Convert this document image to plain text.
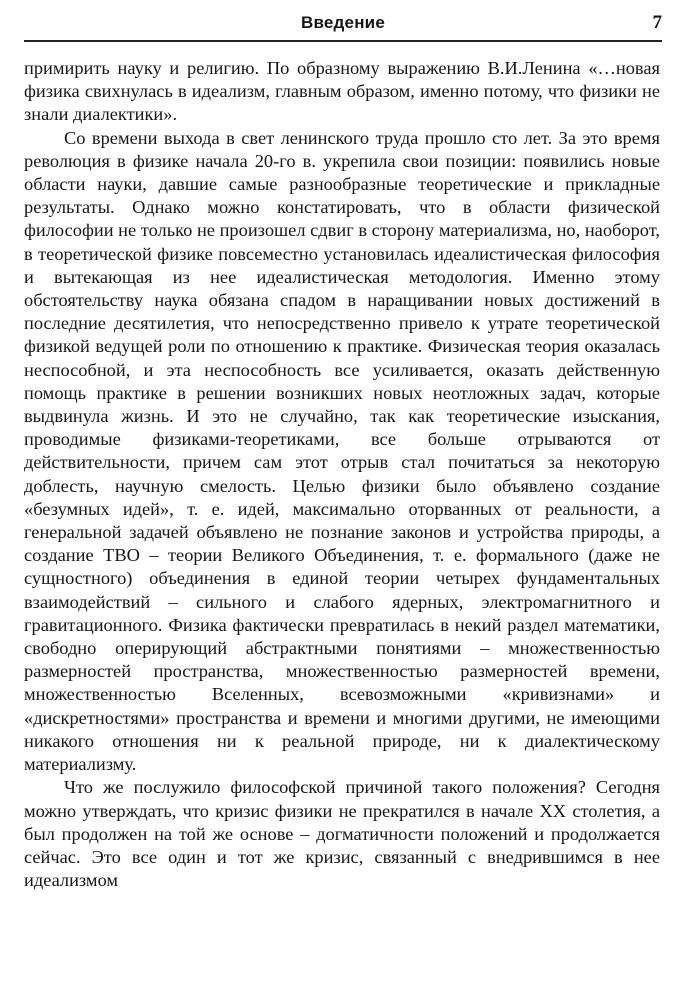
Введение	7

примирить науку и религию. По образному выражению В.И.Ленина «…новая физика свихнулась в идеализм, главным образом, именно потому, что физики не знали диалектики».

Со времени выхода в свет ленинского труда прошло сто лет. За это время революция в физике начала 20-го в. укрепила свои позиции: появились новые области науки, давшие самые разнообразные теоретические и прикладные результаты. Однако можно констатировать, что в области физической философии не только не произошел сдвиг в сторону материализма, но, наоборот, в теоретической физике повсеместно установилась идеалистическая философия и вытекающая из нее идеалистическая методология. Именно этому обстоятельству наука обязана спадом в наращивании новых достижений в последние десятилетия, что непосредственно привело к утрате теоретической физикой ведущей роли по отношению к практике. Физическая теория оказалась неспособной, и эта неспособность все усиливается, оказать действенную помощь практике в решении возникших новых неотложных задач, которые выдвинула жизнь. И это не случайно, так как теоретические изыскания, проводимые физиками-теоретиками, все больше отрываются от действительности, причем сам этот отрыв стал почитаться за некоторую доблесть, научную смелость. Целью физики было объявлено создание «безумных идей», т. е. идей, максимально оторванных от реальности, а генеральной задачей объявлено не познание законов и устройства природы, а создание ТВО – теории Великого Объединения, т. е. формального (даже не сущностного) объединения в единой теории четырех фундаментальных взаимодействий – сильного и слабого ядерных, электромагнитного и гравитационного. Физика фактически превратилась в некий раздел математики, свободно оперирующий абстрактными понятиями – множественностью размерностей пространства, множественностью размерностей времени, множественностью Вселенных, всевозможными «кривизнами» и «дискретностями» пространства и времени и многими другими, не имеющими никакого отношения ни к реальной природе, ни к диалектическому материализму.

Что же послужило философской причиной такого положения? Сегодня можно утверждать, что кризис физики не прекратился в начале XX столетия, а был продолжен на той же основе – догматичности положений и продолжается сейчас. Это все один и тот же кризис, связанный с внедрившимся в нее идеализмом
